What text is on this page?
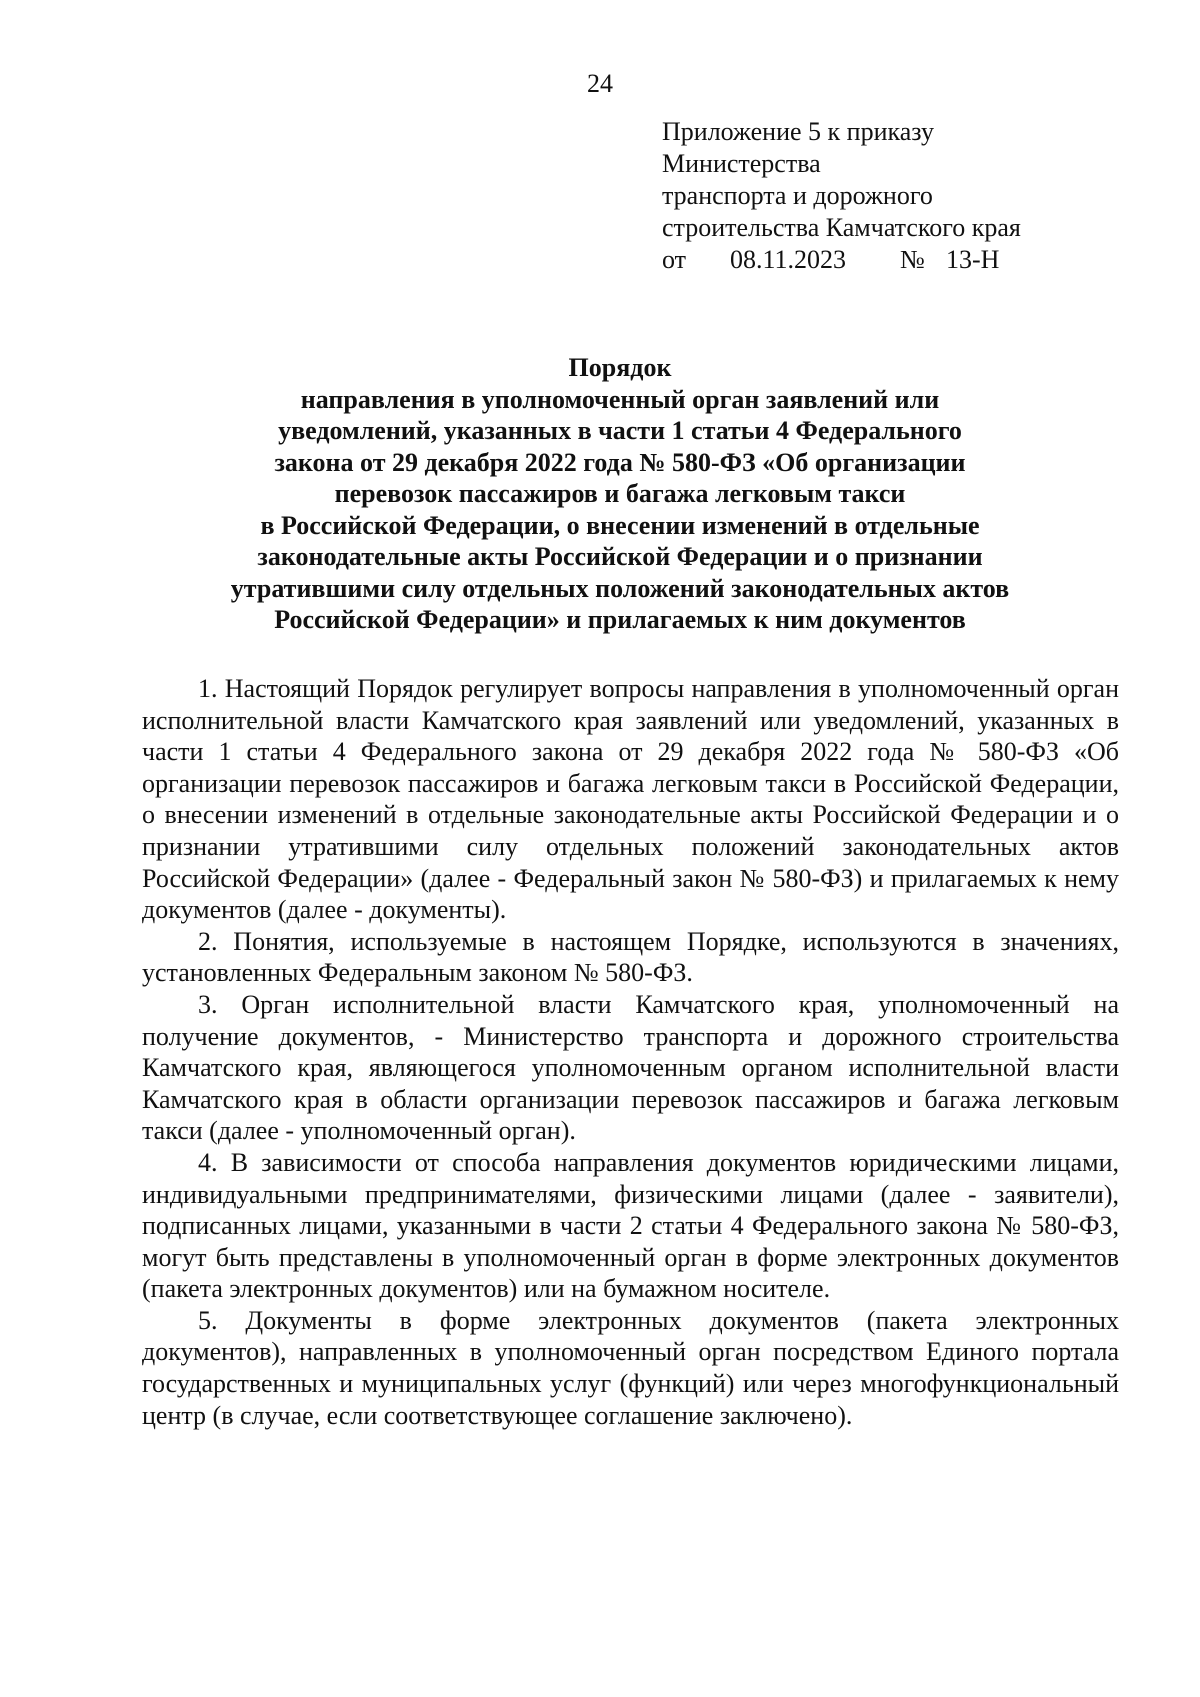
24
Приложение 5 к приказу
Министерства
транспорта и дорожного
строительства Камчатского края
от	08.11.2023	№ 13-Н
Порядок
направления в уполномоченный орган заявлений или
уведомлений, указанных в части 1 статьи 4 Федерального
закона от 29 декабря 2022 года № 580-ФЗ «Об организации
перевозок пассажиров и багажа легковым такси
в Российской Федерации, о внесении изменений в отдельные
законодательные акты Российской Федерации и о признании
утратившими силу отдельных положений законодательных актов
Российской Федерации» и прилагаемых к ним документов

1. Настоящий Порядок регулирует вопросы направления в уполномоченный орган исполнительной власти Камчатского края заявлений или уведомлений, указанных в части 1 статьи 4 Федерального закона от 29 декабря 2022 года № 580-ФЗ «Об организации перевозок пассажиров и багажа легковым такси в Российской Федерации, о внесении изменений в отдельные законодательные акты Российской Федерации и о признании утратившими силу отдельных положений законодательных актов Российской Федерации» (далее - Федеральный закон № 580-ФЗ) и прилагаемых к нему документов (далее - документы).

2. Понятия, используемые в настоящем Порядке, используются в значениях, установленных Федеральным законом № 580-ФЗ.

3. Орган исполнительной власти Камчатского края, уполномоченный на получение документов, - Министерство транспорта и дорожного строительства Камчатского края, являющегося уполномоченным органом исполнительной власти Камчатского края в области организации перевозок пассажиров и багажа легковым такси (далее - уполномоченный орган).

4. В зависимости от способа направления документов юридическими лицами, индивидуальными предпринимателями, физическими лицами (далее - заявители), подписанных лицами, указанными в части 2 статьи 4 Федерального закона № 580-ФЗ, могут быть представлены в уполномоченный орган в форме электронных документов (пакета электронных документов) или на бумажном носителе.

5. Документы в форме электронных документов (пакета электронных документов), направленных в уполномоченный орган посредством Единого портала государственных и муниципальных услуг (функций) или через многофункциональный центр (в случае, если соответствующее соглашение заключено).
